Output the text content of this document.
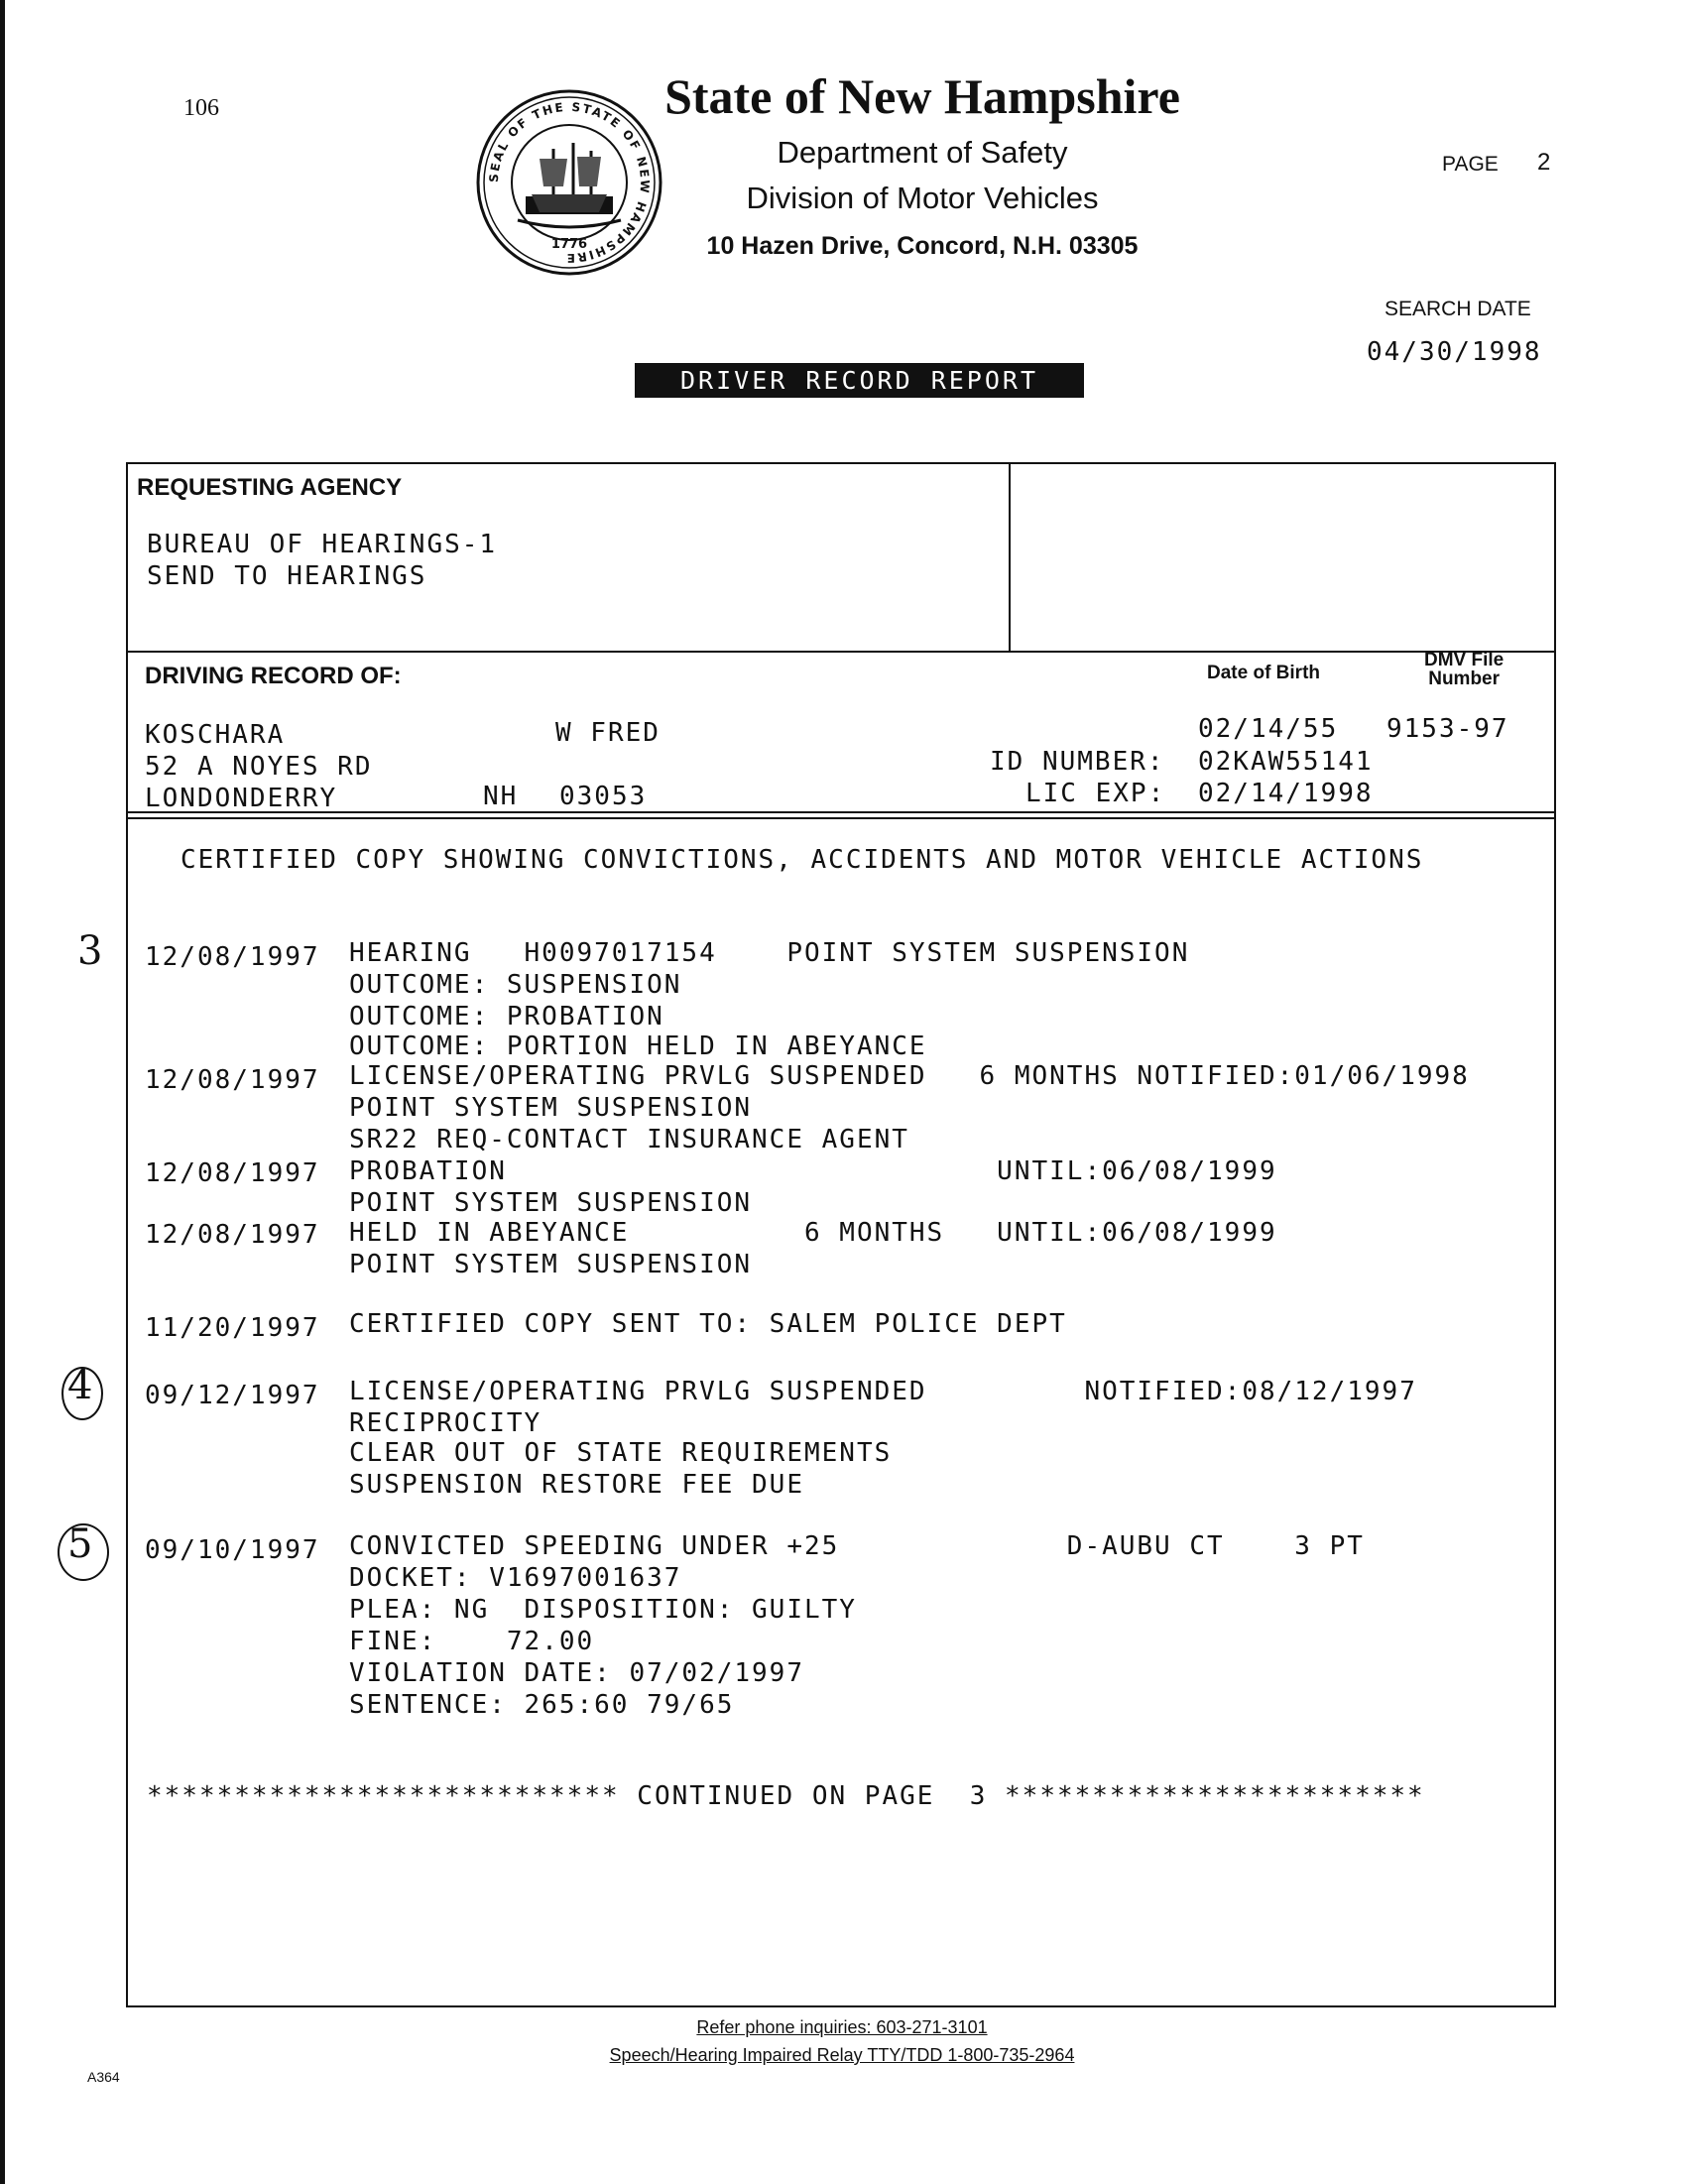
106
SEAL OF THE STATE OF NEW HAMPSHIRE
1776
State of New Hampshire
Department of Safety
Division of Motor Vehicles
10 Hazen Drive, Concord, N.H. 03305
PAGE 2
SEARCH DATE
04/30/1998
DRIVER RECORD REPORT
REQUESTING AGENCY
BUREAU OF HEARINGS-1
SEND TO HEARINGS
DRIVING RECORD OF:	Date of Birth
DMV File
Number
KOSCHARA	W FRED	02/14/55 9153-97
52 A NOYES RD	ID NUMBER: 02KAW55141
LONDONDERRY	NH 03053	LIC EXP: 02/14/1998
CERTIFIED COPY SHOWING CONVICTIONS, ACCIDENTS AND MOTOR VEHICLE ACTIONS
3 12/08/1997 HEARING   H0097017154    POINT SYSTEM SUSPENSION
OUTCOME: SUSPENSION
OUTCOME: PROBATION
OUTCOME: PORTION HELD IN ABEYANCE
12/08/1997 LICENSE/OPERATING PRVLG SUSPENDED   6 MONTHS NOTIFIED:01/06/1998
POINT SYSTEM SUSPENSION
SR22 REQ-CONTACT INSURANCE AGENT
12/08/1997 PROBATION                            UNTIL:06/08/1999
POINT SYSTEM SUSPENSION
12/08/1997 HELD IN ABEYANCE          6 MONTHS   UNTIL:06/08/1999
POINT SYSTEM SUSPENSION
11/20/1997 CERTIFIED COPY SENT TO: SALEM POLICE DEPT
4 09/12/1997 LICENSE/OPERATING PRVLG SUSPENDED         NOTIFIED:08/12/1997
RECIPROCITY
CLEAR OUT OF STATE REQUIREMENTS
SUSPENSION RESTORE FEE DUE
5 09/10/1997 CONVICTED SPEEDING UNDER +25             D-AUBU CT    3 PT
DOCKET: V1697001637
PLEA: NG  DISPOSITION: GUILTY
FINE:    72.00
VIOLATION DATE: 07/02/1997
SENTENCE: 265:60 79/65
*************************** CONTINUED ON PAGE  3 ************************
Refer phone inquiries: 603-271-3101
Speech/Hearing Impaired Relay TTY/TDD 1-800-735-2964
A364
